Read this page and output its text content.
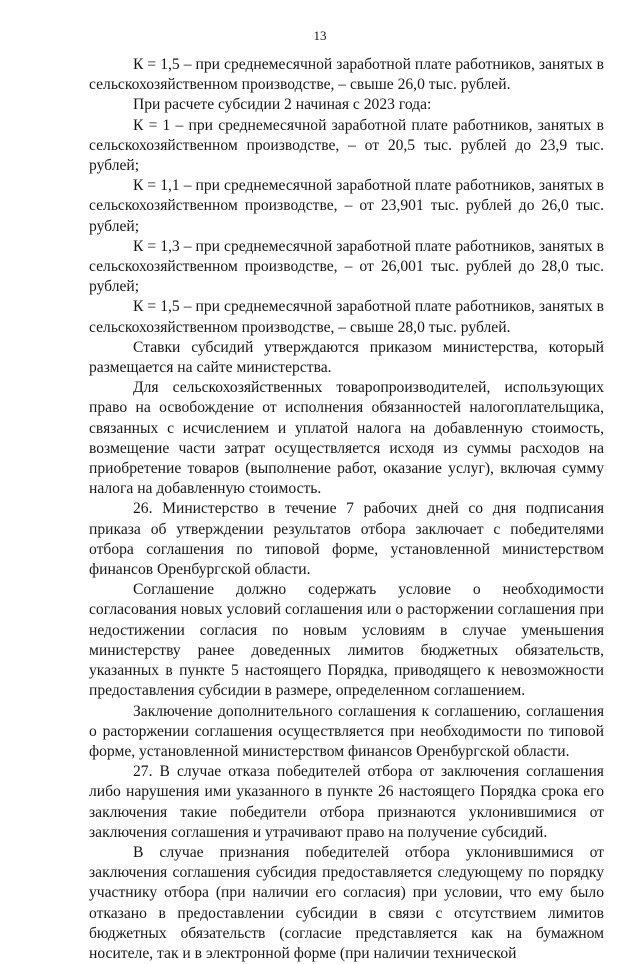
13

К = 1,5 – при среднемесячной заработной плате работников, занятых в сельскохозяйственном производстве, – свыше 26,0 тыс. рублей.

При расчете субсидии 2 начиная с 2023 года:

К = 1 – при среднемесячной заработной плате работников, занятых в сельскохозяйственном производстве, – от 20,5 тыс. рублей до 23,9 тыс. рублей;

К = 1,1 – при среднемесячной заработной плате работников, занятых в сельскохозяйственном производстве, – от 23,901 тыс. рублей до 26,0 тыс. рублей;

К = 1,3 – при среднемесячной заработной плате работников, занятых в сельскохозяйственном производстве, – от 26,001 тыс. рублей до 28,0 тыс. рублей;

К = 1,5 – при среднемесячной заработной плате работников, занятых в сельскохозяйственном производстве, – свыше 28,0 тыс. рублей.

Ставки субсидий утверждаются приказом министерства, который размещается на сайте министерства.

Для сельскохозяйственных товаропроизводителей, использующих право на освобождение от исполнения обязанностей налогоплательщика, связанных с исчислением и уплатой налога на добавленную стоимость, возмещение части затрат осуществляется исходя из суммы расходов на приобретение товаров (выполнение работ, оказание услуг), включая сумму налога на добавленную стоимость.

26. Министерство в течение 7 рабочих дней со дня подписания приказа об утверждении результатов отбора заключает с победителями отбора соглашения по типовой форме, установленной министерством финансов Оренбургской области.

Соглашение должно содержать условие о необходимости согласования новых условий соглашения или о расторжении соглашения при недостижении согласия по новым условиям в случае уменьшения министерству ранее доведенных лимитов бюджетных обязательств, указанных в пункте 5 настоящего Порядка, приводящего к невозможности предоставления субсидии в размере, определенном соглашением.

Заключение дополнительного соглашения к соглашению, соглашения о расторжении соглашения осуществляется при необходимости по типовой форме, установленной министерством финансов Оренбургской области.

27. В случае отказа победителей отбора от заключения соглашения либо нарушения ими указанного в пункте 26 настоящего Порядка срока его заключения такие победители отбора признаются уклонившимися от заключения соглашения и утрачивают право на получение субсидий.

В случае признания победителей отбора уклонившимися от заключения соглашения субсидия предоставляется следующему по порядку участнику отбора (при наличии его согласия) при условии, что ему было отказано в предоставлении субсидии в связи с отсутствием лимитов бюджетных обязательств (согласие представляется как на бумажном носителе, так и в электронной форме (при наличии технической
